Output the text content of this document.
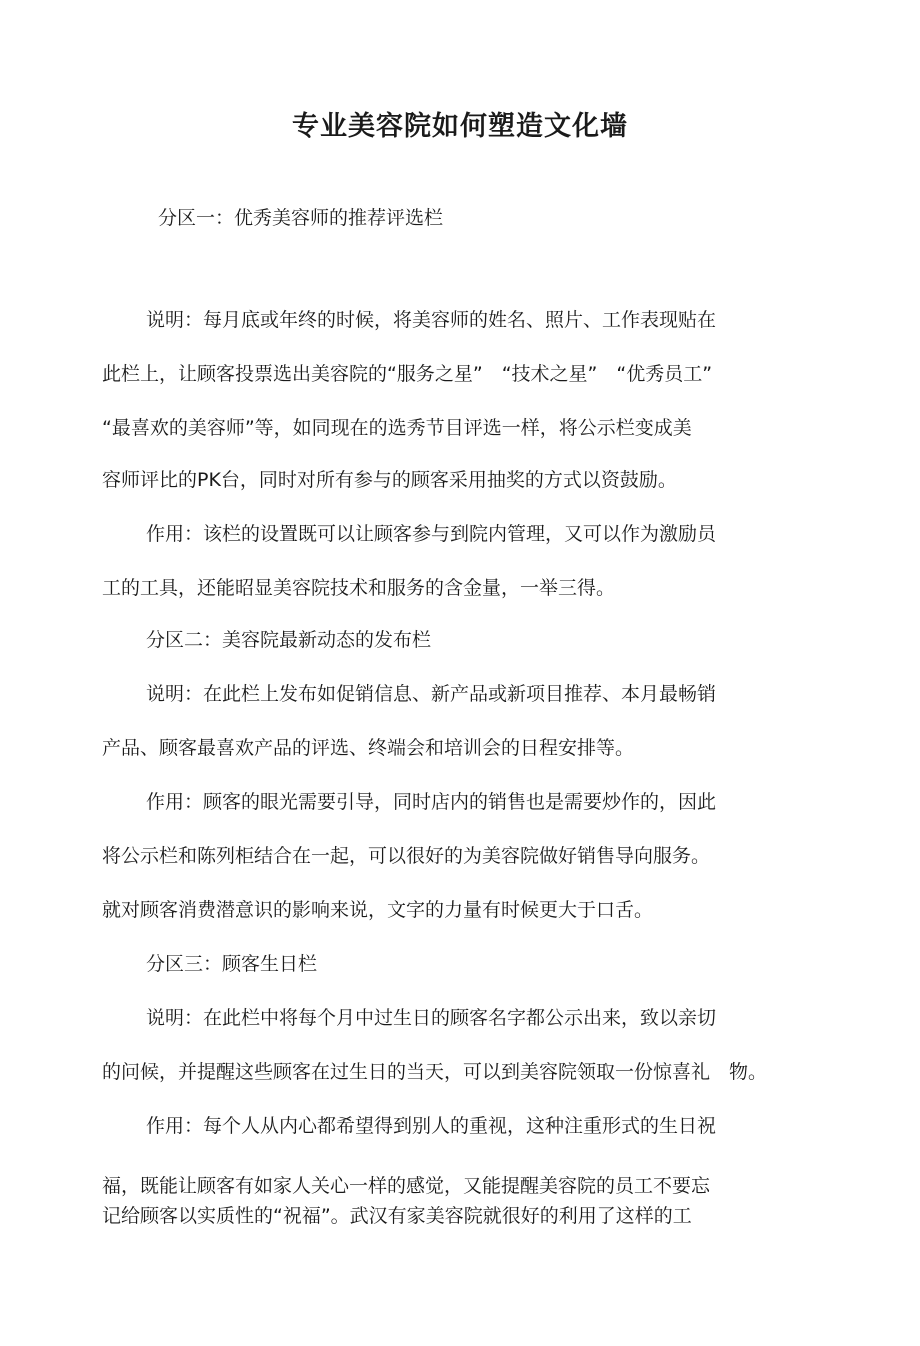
专业美容院如何塑造文化墙

分区一：优秀美容师的推荐评选栏

说明：每月底或年终的时候，将美容师的姓名、照片、工作表现贴在

此栏上，让顾客投票选出美容院的“服务之星”　“技术之星”　“优秀员工”

“最喜欢的美容师”等，如同现在的选秀节目评选一样，将公示栏变成美

容师评比的PK台，同时对所有参与的顾客采用抽奖的方式以资鼓励。

作用：该栏的设置既可以让顾客参与到院内管理，又可以作为激励员

工的工具，还能昭显美容院技术和服务的含金量，一举三得。

分区二：美容院最新动态的发布栏

说明：在此栏上发布如促销信息、新产品或新项目推荐、本月最畅销

产品、顾客最喜欢产品的评选、终端会和培训会的日程安排等。

作用：顾客的眼光需要引导，同时店内的销售也是需要炒作的，因此

将公示栏和陈列柜结合在一起，可以很好的为美容院做好销售导向服务。

就对顾客消费潜意识的影响来说，文字的力量有时候更大于口舌。

分区三：顾客生日栏

说明：在此栏中将每个月中过生日的顾客名字都公示出来，致以亲切

的问候，并提醒这些顾客在过生日的当天，可以到美容院领取一份惊喜礼　物。

作用：每个人从内心都希望得到别人的重视，这种注重形式的生日祝

福，既能让顾客有如家人关心一样的感觉，又能提醒美容院的员工不要忘

记给顾客以实质性的“祝福”。武汉有家美容院就很好的利用了这样的工
